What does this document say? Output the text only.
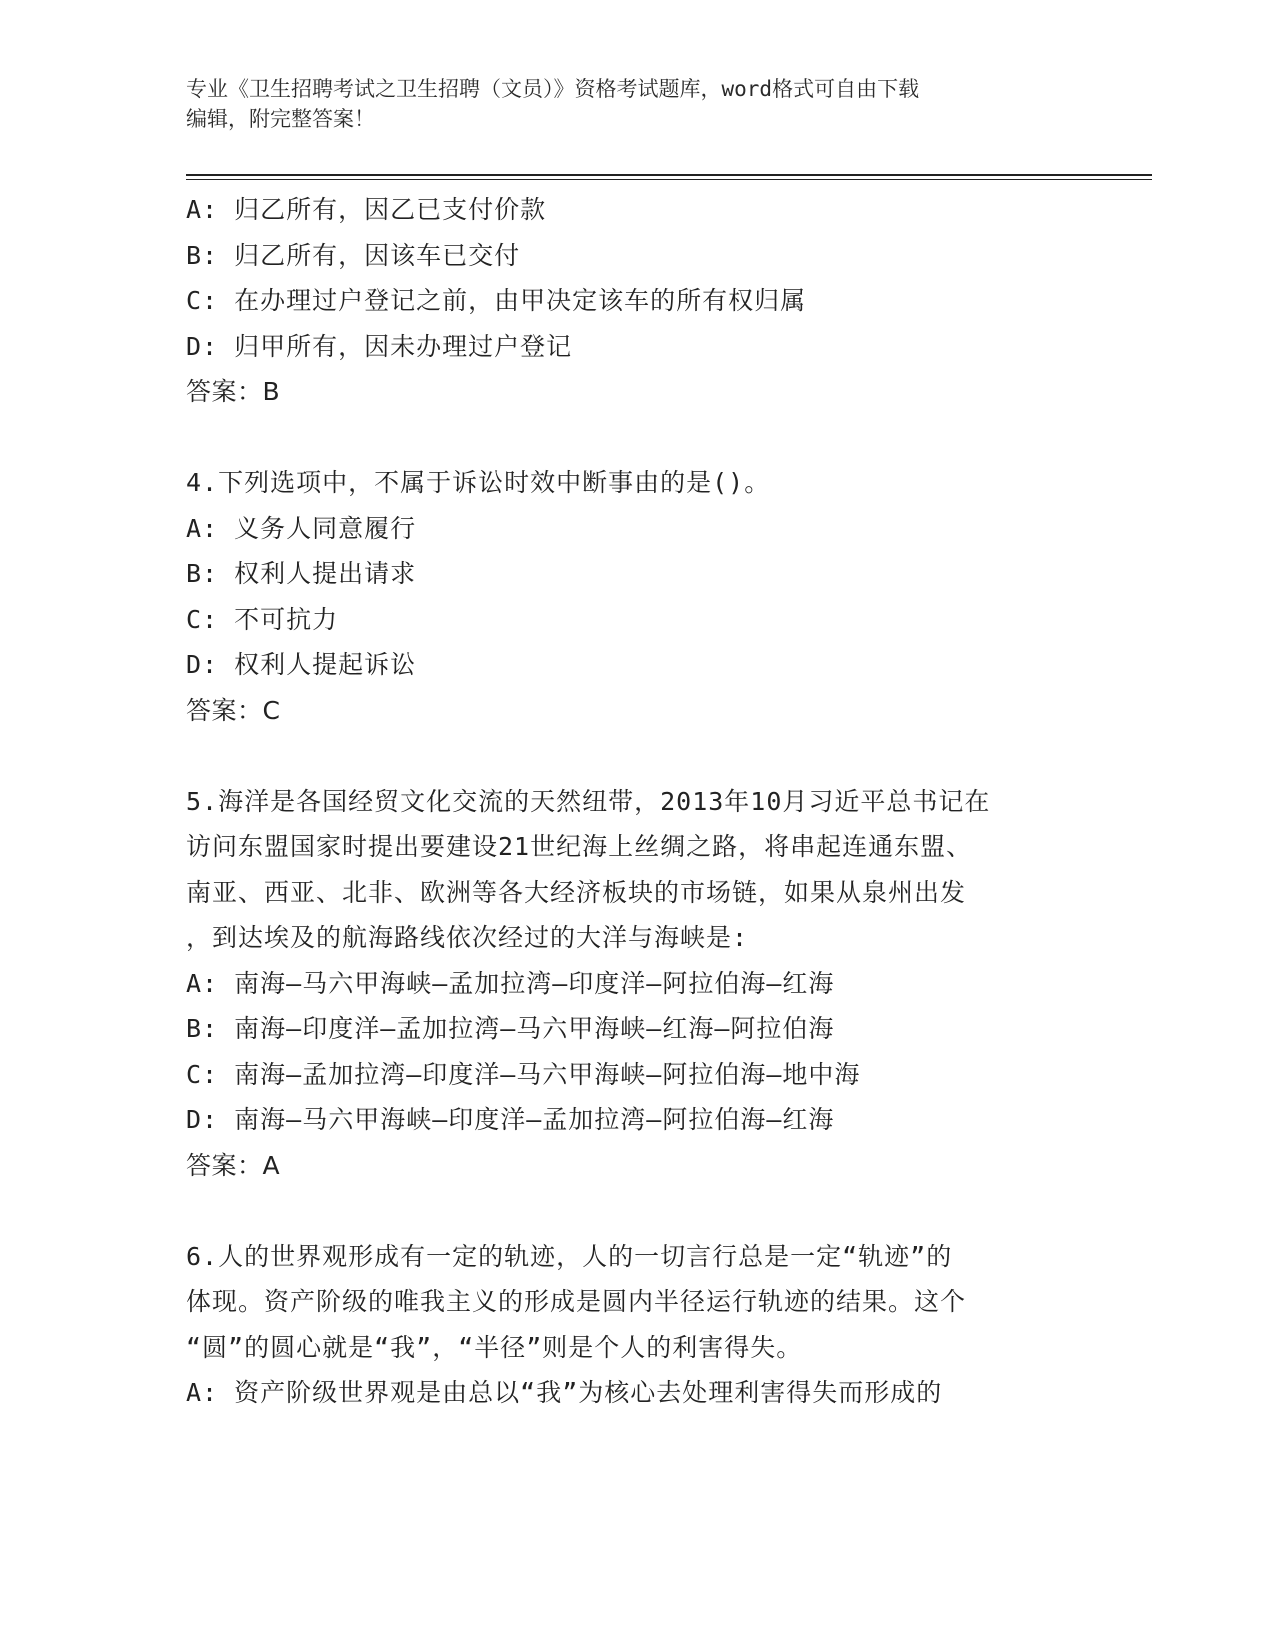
专业《卫生招聘考试之卫生招聘（文员）》资格考试题库，word格式可自由下载
编辑，附完整答案！
A: 归乙所有，因乙已支付价款
B: 归乙所有，因该车已交付
C: 在办理过户登记之前，由甲决定该车的所有权归属
D: 归甲所有，因未办理过户登记
答案：B
4.下列选项中，不属于诉讼时效中断事由的是()。
A: 义务人同意履行
B: 权利人提出请求
C: 不可抗力
D: 权利人提起诉讼
答案：C
5.海洋是各国经贸文化交流的天然纽带，2013年10月习近平总书记在
访问东盟国家时提出要建设21世纪海上丝绸之路，将串起连通东盟、
南亚、西亚、北非、欧洲等各大经济板块的市场链，如果从泉州出发
，到达埃及的航海路线依次经过的大洋与海峡是:
A: 南海—马六甲海峡—孟加拉湾—印度洋—阿拉伯海—红海
B: 南海—印度洋—孟加拉湾—马六甲海峡—红海—阿拉伯海
C: 南海—孟加拉湾—印度洋—马六甲海峡—阿拉伯海—地中海
D: 南海—马六甲海峡—印度洋—孟加拉湾—阿拉伯海—红海
答案：A
6.人的世界观形成有一定的轨迹，人的一切言行总是一定“轨迹”的
体现。资产阶级的唯我主义的形成是圆内半径运行轨迹的结果。这个
“圆”的圆心就是“我”，“半径”则是个人的利害得失。
A: 资产阶级世界观是由总以“我”为核心去处理利害得失而形成的
